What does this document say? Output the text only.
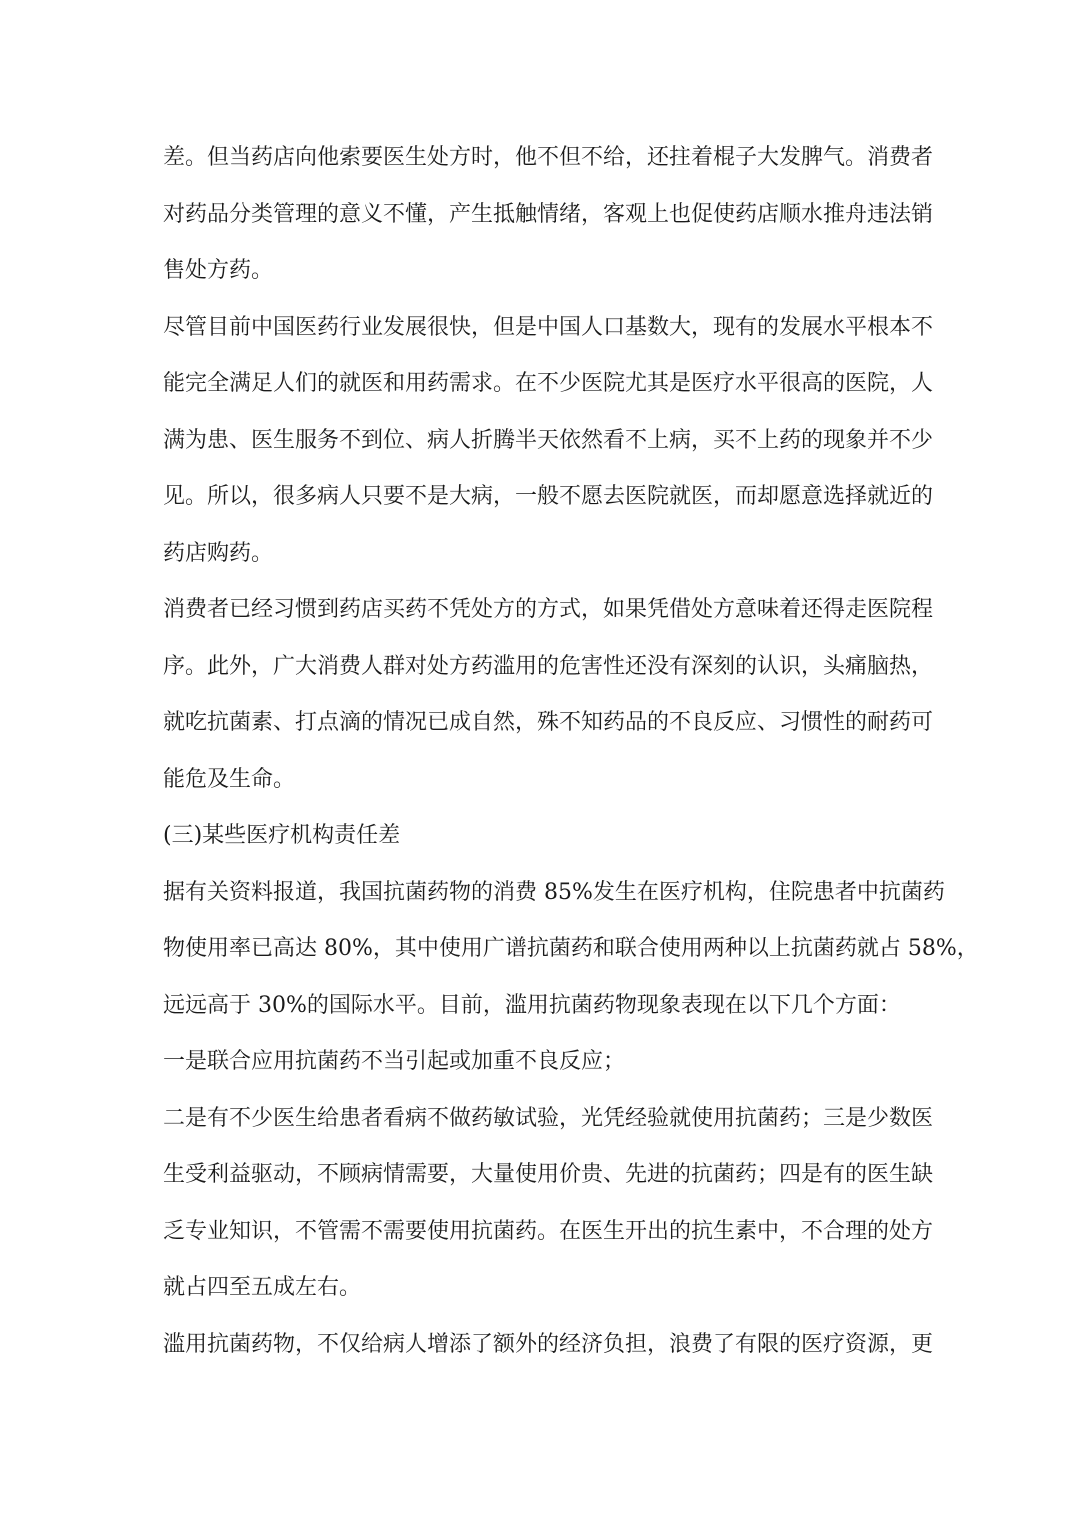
差。但当药店向他索要医生处方时，他不但不给，还拄着棍子大发脾气。消费者
对药品分类管理的意义不懂，产生抵触情绪，客观上也促使药店顺水推舟违法销
售处方药。
尽管目前中国医药行业发展很快，但是中国人口基数大，现有的发展水平根本不
能完全满足人们的就医和用药需求。在不少医院尤其是医疗水平很高的医院，人
满为患、医生服务不到位、病人折腾半天依然看不上病，买不上药的现象并不少
见。所以，很多病人只要不是大病，一般不愿去医院就医，而却愿意选择就近的
药店购药。
消费者已经习惯到药店买药不凭处方的方式，如果凭借处方意味着还得走医院程
序。此外，广大消费人群对处方药滥用的危害性还没有深刻的认识，头痛脑热，
就吃抗菌素、打点滴的情况已成自然，殊不知药品的不良反应、习惯性的耐药可
能危及生命。
(三)某些医疗机构责任差
据有关资料报道，我国抗菌药物的消费 85%发生在医疗机构，住院患者中抗菌药
物使用率已高达 80%，其中使用广谱抗菌药和联合使用两种以上抗菌药就占 58%，
远远高于 30%的国际水平。目前，滥用抗菌药物现象表现在以下几个方面：
一是联合应用抗菌药不当引起或加重不良反应；
二是有不少医生给患者看病不做药敏试验，光凭经验就使用抗菌药；三是少数医
生受利益驱动，不顾病情需要，大量使用价贵、先进的抗菌药；四是有的医生缺
乏专业知识，不管需不需要使用抗菌药。在医生开出的抗生素中，不合理的处方
就占四至五成左右。
滥用抗菌药物，不仅给病人增添了额外的经济负担，浪费了有限的医疗资源，更
